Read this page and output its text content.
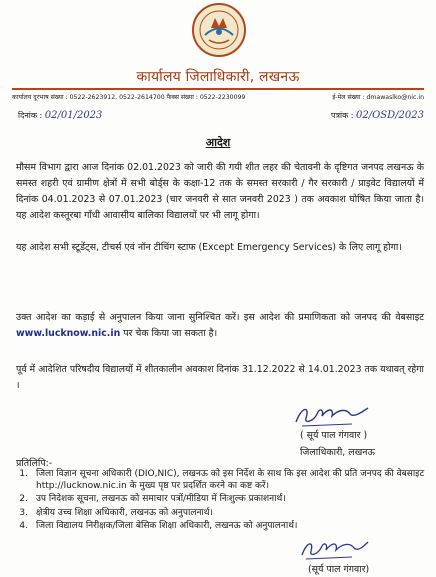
कार्यालय जिलाधिकारी, लखनऊ
कार्यालय दूरभाष संख्या : 0522-2623912, 0522-2614700 फैक्स संख्या : 0522-2230099	ई-मेल संख्या : dmawaslko@nic.in
दिनांक : 02/01/2023	पत्रांक : 02/OSD/2023
आदेश

मौसम विभाग द्वारा आज दिनांक 02.01.2023 को जारी की गयी शीत लहर की चेतावनी के दृष्टिगत जनपद लखनऊ के समस्त शहरी एवं ग्रामीण क्षेत्रों में सभी बोर्ड्स के कक्षा-12 तक के समस्त सरकारी / गैर सरकारी / प्राइवेट विद्यालयों में दिनांक 04.01.2023 से 07.01.2023 (चार जनवरी से सात जनवरी 2023 ) तक अवकाश घोषित किया जाता है। यह आदेश कस्तूरबा गाँधी आवासीय बालिका विद्यालयों पर भी लागू होगा।

यह आदेश सभी स्टूडेंट्स, टीचर्स एवं नॉन टीचिंग स्टाफ (Except Emergency Services) के लिए लागू होगा।

उक्त आदेश का कड़ाई से अनुपालन किया जाना सुनिश्चित करें। इस आदेश की प्रमाणिकता को जनपद की वेबसाइट www.lucknow.nic.in पर चेक किया जा सकता है।

पूर्व में आदेशित परिषदीय विद्यालयों में शीतकालीन अवकाश दिनांक 31.12.2022 से 14.01.2023 तक यथावत् रहेगा ।

( सूर्य पाल गंगवार )
जिलाधिकारी, लखनऊ
प्रतिलिपि:-
1. जिला विज्ञान सूचना अधिकारी (DIO,NIC), लखनऊ को इस निर्देश के साथ कि इस आदेश की प्रति जनपद की वेबसाइट http://lucknow.nic.in के मुख्य पृष्ठ पर प्रदर्शित करने का कष्ट करें।
2. उप निदेशक सूचना, लखनऊ को समाचार पत्रों/मीडिया में निःशुल्क प्रकाशनार्थ।
3. क्षेत्रीय उच्च शिक्षा अधिकारी, लखनऊ को अनुपालनार्थ।
4. जिला विद्यालय निरीक्षक/जिला बेसिक शिक्षा अधिकारी, लखनऊ को अनुपालनार्थ।
(सूर्य पाल गंगवार)
